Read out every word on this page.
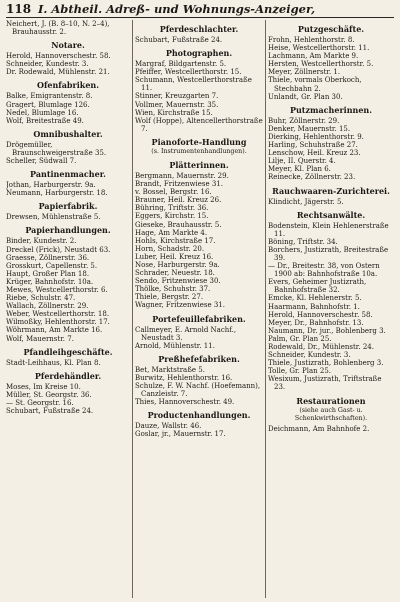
118 I. Abtheil. Adreß- und Wohnungs-Anzeiger,
Neichert, J. (B. 8–10, N. 2–4), Brauhausstr. 2.
Notare.
Herold, Hannoverschestr. 58.
Schneider, Kundestr. 3.
Dr. Rodewald, Mühlenstr. 21.
Ofenfabriken.
Balke, Emigrantenstr. 8.
Gragert, Blumlage 126.
Nedel, Blumlage 16.
Wolf, Breitestraße 49.
Omnibushalter.
Drögemüller, Braunschweigerstraße 35.
Scheller, Südwall 7.
Pantinenmacher.
Jothan, Harburgerstr. 9a.
Neumann, Harburgerstr. 18.
Papierfabrik.
Drewsen, Mühlenstraße 5.
Papierhandlungen.
Binder, Kundestr. 2.
Dreckel (Frick), Neustadt 63.
Graesse, Zöllnerstr. 36.
Grosskurt, Capellenstr. 5.
Haupt, Großer Plan 18.
Krüger, Bahnhofstr. 10a.
Mewes, Westcellerthorstr. 6.
Riebe, Schulstr. 47.
Wallach, Zöllnerstr. 29.
Weber, Westcellerthorstr. 18.
Wilmoßky, Hehlenthorstr. 17.
Wöhrmann, Am Markte 16.
Wolf, Mauernstr. 7.
Pfandleihgeschäfte.
Stadt-Leihhaus, Kl. Plan 8.
Pferdehändler.
Moses, Im Kreise 10.
Müller, St. Georgstr. 36.
— St. Georgstr. 16.
Schubart, Fußstraße 24.
Pferdeschlachter.
Schubart, Fußstraße 24.
Photographen.
Margraf, Bildgartenstr. 5.
Pfeiffer, Westcellerthorstr. 15.
Schumann, Westcellerthorstraße 11.
Stinner, Kreuzgarten 7.
Vollmer, Mauernstr. 35.
Wien, Kirchstraße 15.
Wolf (Hoppe), Altencellerthorstraße 7.
Pianoforte-Handlung
(s. Instrumentenhandlungen).
Plätterinnen.
Bergmann, Mauernstr. 29.
Brandt, Fritzenwiese 31.
v. Bossel, Bergstr. 16.
Brauner, Heil. Kreuz 26.
Bühring, Triftstr. 36.
Eggers, Kirchstr. 15.
Gieseke, Brauhausstr. 5.
Hage, Am Markte 4.
Hohls, Kirchstraße 17.
Horn, Schadstr. 20.
Luber, Heil. Kreuz 16.
Nose, Harburgerstr. 9a.
Schrader, Neuestr. 18.
Sendo, Fritzenwiese 30.
Thölke, Schuhstr. 37.
Thiele, Bergstr. 27.
Wagner, Fritzenwiese 31.
Portefeuillefabriken.
Callmeyer, E. Arnold Nachf., Neustadt 3.
Arnold, Mühlenstr. 11.
Preßhefefabriken.
Bet, Marktstraße 5.
Burwitz, Hehlenthorstr. 16.
Schulze, F. W. Nachf. (Hoefemann), Canzleistr. 7.
Thies, Hannoverschestr. 49.
Productenhandlungen.
Dauze, Wallstr. 46.
Goslar, jr., Mauernstr. 17.
Putzgeschäfte.
Frohn, Hehlenthorstr. 8.
Heise, Westcellerthorstr. 11.
Lachmann, Am Markte 9.
Hersten, Westcellerthorstr. 5.
Meyer, Zöllnerstr. 1.
Thiele, vormals Oberkoch, Stechbahn 2.
Unlandt, Gr. Plan 30.
Putzmacherinnen.
Buhr, Zöllnerstr. 29.
Denker, Mauernstr. 15.
Dierking, Hehlenthorstr. 9.
Harling, Schuhstraße 27.
Lenschow, Heil. Kreuz 23.
Lilje, II. Querstr. 4.
Meyer, Kl. Plan 6.
Reinecke, Zöllnerstr. 23.
Rauchwaaren-Zurichterei.
Klindicht, Jägerstr. 5.
Rechtsanwälte.
Bodenstein, Klein Hehlenerstraße 11.
Böning, Triftstr. 34.
Borchers, Justizrath, Breitestraße 39.
— Dr., Breitestr. 38, von Ostern 1900 ab: Bahnhofstraße 10a.
Evers, Geheimer Justizrath, Bahnhofstraße 32.
Emcke, Kl. Hehlenerstr. 5.
Haarmann, Bahnhofstr. 1.
Herold, Hannoverschestr. 58.
Meyer, Dr., Bahnhofstr. 13.
Naumann, Dr. jur., Bohlenberg 3.
Palm, Gr. Plan 25.
Rodewald, Dr., Mühlenstr. 24.
Schneider, Kundestr. 3.
Thiele, Justizrath, Bohlenberg 3.
Tolle, Gr. Plan 25.
Wesixum, Justizrath, Triftstraße 23.
Restaurationen
(siehe auch Gast- u. Schenkwirthschaften).
Deichmann, Am Bahnhofe 2.
